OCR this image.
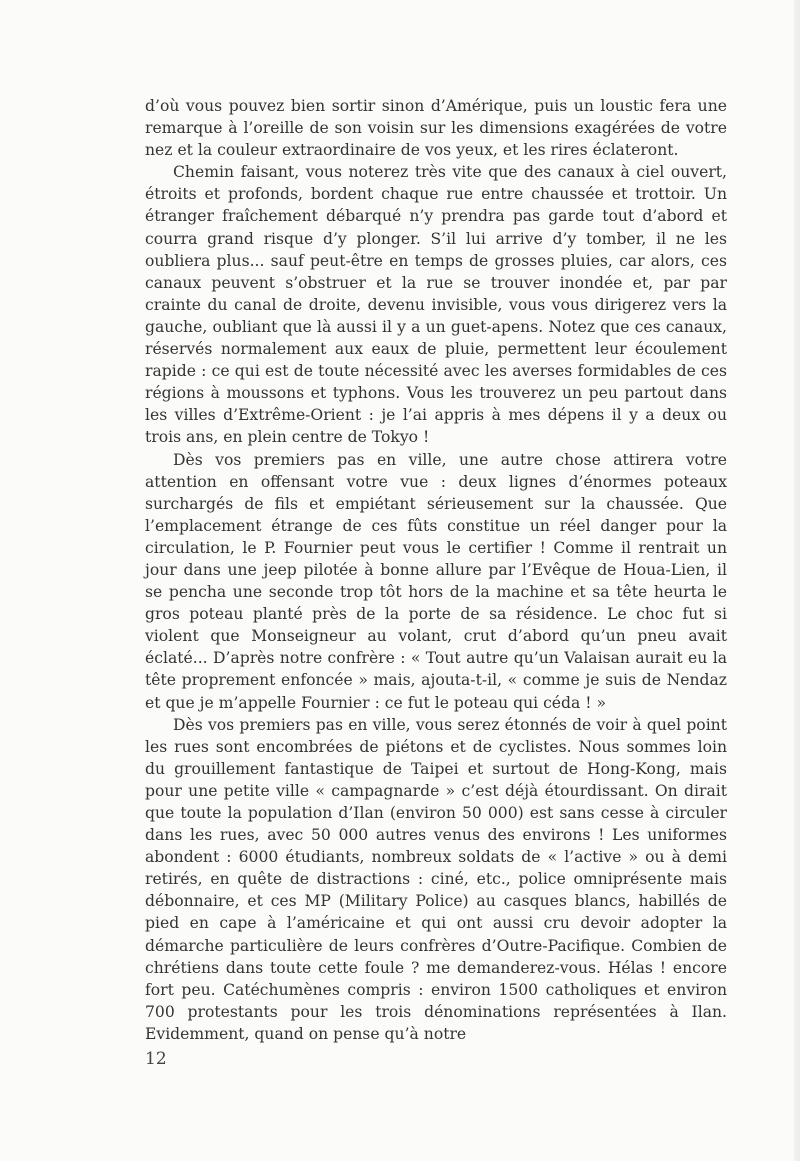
d’où vous pouvez bien sortir sinon d’Amérique, puis un loustic fera une remarque à l’oreille de son voisin sur les dimensions exagérées de votre nez et la couleur extraordinaire de vos yeux, et les rires éclateront.

Chemin faisant, vous noterez très vite que des canaux à ciel ouvert, étroits et profonds, bordent chaque rue entre chaussée et trottoir. Un étranger fraîchement débarqué n’y prendra pas garde tout d’abord et courra grand risque d’y plonger. S’il lui arrive d’y tomber, il ne les oubliera plus... sauf peut-être en temps de grosses pluies, car alors, ces canaux peuvent s’obstruer et la rue se trouver inondée et, par par crainte du canal de droite, devenu invisible, vous vous dirigerez vers la gauche, oubliant que là aussi il y a un guet-apens. Notez que ces canaux, réservés normalement aux eaux de pluie, permettent leur écoulement rapide : ce qui est de toute nécessité avec les averses formidables de ces régions à moussons et typhons. Vous les trouverez un peu partout dans les villes d’Extrême-Orient : je l’ai appris à mes dépens il y a deux ou trois ans, en plein centre de Tokyo !

Dès vos premiers pas en ville, une autre chose attirera votre attention en offensant votre vue : deux lignes d’énormes poteaux surchargés de fils et empiétant sérieusement sur la chaussée. Que l’emplacement étrange de ces fûts constitue un réel danger pour la circulation, le P. Fournier peut vous le certifier ! Comme il rentrait un jour dans une jeep pilotée à bonne allure par l’Evêque de Houa-Lien, il se pencha une seconde trop tôt hors de la machine et sa tête heurta le gros poteau planté près de la porte de sa résidence. Le choc fut si violent que Monseigneur au volant, crut d’abord qu’un pneu avait éclaté... D’après notre confrère : « Tout autre qu’un Valaisan aurait eu la tête proprement enfoncée » mais, ajouta-t-il, « comme je suis de Nendaz et que je m’appelle Fournier : ce fut le poteau qui céda ! »

Dès vos premiers pas en ville, vous serez étonnés de voir à quel point les rues sont encombrées de piétons et de cyclistes. Nous sommes loin du grouillement fantastique de Taipei et surtout de Hong-Kong, mais pour une petite ville « campagnarde » c’est déjà étourdissant. On dirait que toute la population d’Ilan (environ 50 000) est sans cesse à circuler dans les rues, avec 50 000 autres venus des environs ! Les uniformes abondent : 6000 étudiants, nombreux soldats de « l’active » ou à demi retirés, en quête de distractions : ciné, etc., police omniprésente mais débonnaire, et ces MP (Military Police) au casques blancs, habillés de pied en cape à l’américaine et qui ont aussi cru devoir adopter la démarche particulière de leurs confrères d’Outre-Pacifique. Combien de chrétiens dans toute cette foule ? me demanderez-vous. Hélas ! encore fort peu. Catéchumènes compris : environ 1500 catholiques et environ 700 protestants pour les trois dénominations représentées à Ilan. Evidemment, quand on pense qu’à notre

12
